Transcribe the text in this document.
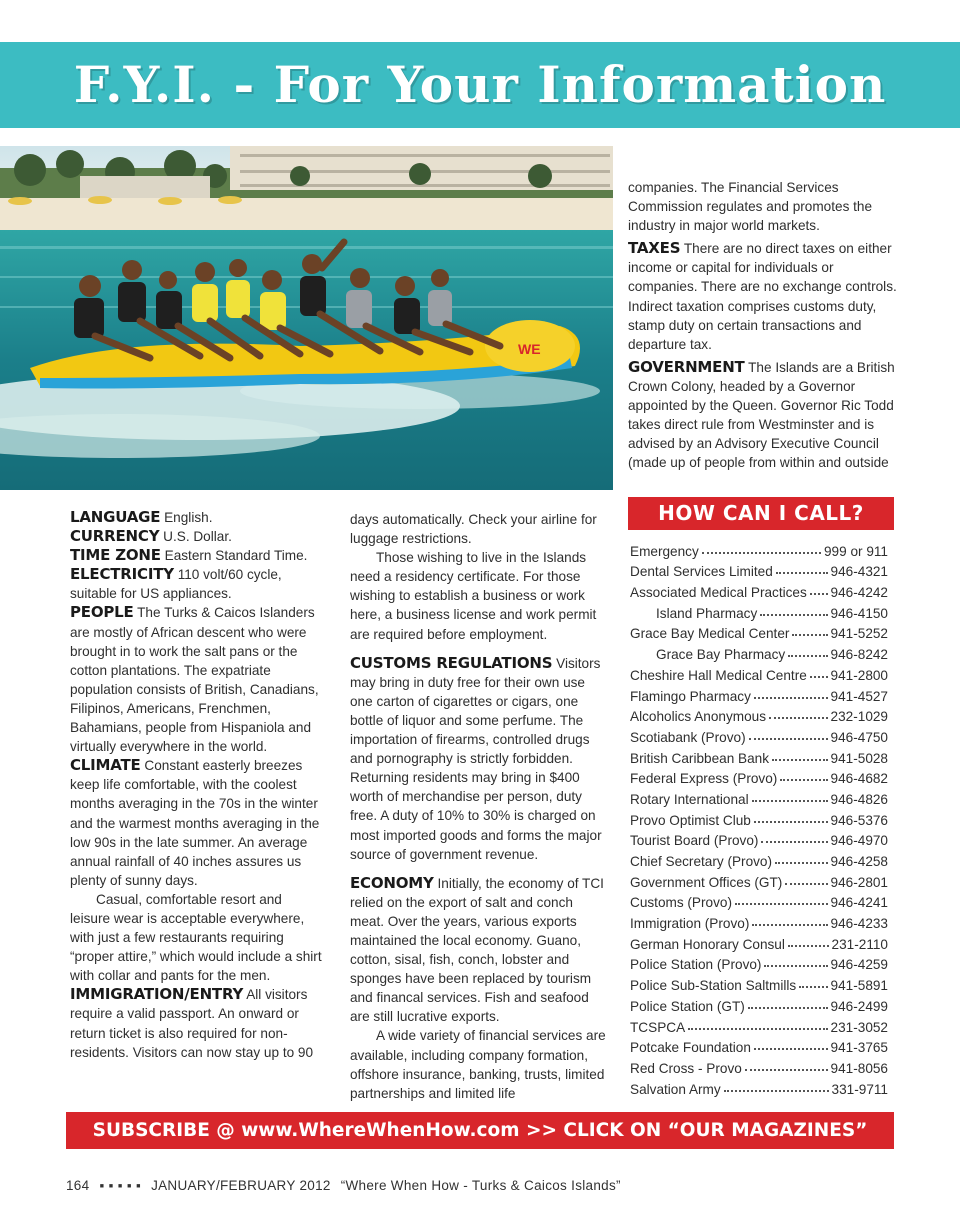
F.Y.I. - For Your Information
WE

LANGUAGE English.

CURRENCY U.S. Dollar.

TIME ZONE Eastern Standard Time.

ELECTRICITY 110 volt/60 cycle, suitable for US appliances.

PEOPLE The Turks & Caicos Islanders are mostly of African descent who were brought in to work the salt pans or the cotton plantations. The expatriate population consists of British, Canadians, Filipinos, Americans, Frenchmen, Bahamians, people from Hispaniola and virtually everywhere in the world.

CLIMATE Constant easterly breezes keep life comfortable, with the coolest months averaging in the 70s in the winter and the warmest months averaging in the low 90s in the late summer. An average annual rainfall of 40 inches assures us plenty of sunny days.

Casual, comfortable resort and leisure wear is acceptable everywhere, with just a few restaurants requiring “proper attire,” which would include a shirt with collar and pants for the men.

IMMIGRATION/ENTRY All visitors require a valid passport. An onward or return ticket is also required for non-residents. Visitors can now stay up to 90

days automatically. Check your airline for luggage restrictions.

Those wishing to live in the Islands need a residency certificate. For those wishing to establish a business or work here, a business license and work permit are required before employment.

CUSTOMS REGULATIONS Visitors may bring in duty free for their own use one carton of cigarettes or cigars, one bottle of liquor and some perfume. The importation of firearms, controlled drugs and pornography is strictly forbidden. Returning residents may bring in $400 worth of merchandise per person, duty free. A duty of 10% to 30% is charged on most imported goods and forms the major source of government revenue.

ECONOMY Initially, the economy of TCI relied on the export of salt and conch meat. Over the years, various exports maintained the local economy. Guano, cotton, sisal, fish, conch, lobster and sponges have been replaced by tourism and financal services. Fish and seafood are still lucrative exports.

A wide variety of financial services are available, including company formation, offshore insurance, banking, trusts, limited partnerships and limited life

companies. The Financial Services Commission regulates and promotes the industry in major world markets.

TAXES There are no direct taxes on either income or capital for individuals or companies. There are no exchange controls. Indirect taxation comprises customs duty, stamp duty on certain transactions and departure tax.

GOVERNMENT The Islands are a British Crown Colony, headed by a Governor appointed by the Queen. Governor Ric Todd takes direct rule from Westminster and is advised by an Advisory Executive Council (made up of people from within and outside

HOW CAN I CALL?
Emergency	999 or 911
Dental Services Limited	946-4321
Associated Medical Practices 946-4242
Island Pharmacy	946-4150
Grace Bay Medical Center	941-5252
Grace Bay Pharmacy	946-8242
Cheshire Hall Medical Centre 941-2800
Flamingo Pharmacy	941-4527
Alcoholics Anonymous	232-1029
Scotiabank (Provo)	946-4750
British Caribbean Bank	941-5028
Federal Express (Provo)	946-4682
Rotary International	946-4826
Provo Optimist Club	946-5376
Tourist Board (Provo)	946-4970
Chief Secretary (Provo)	946-4258
Government Offices (GT)	946-2801
Customs (Provo)	946-4241
Immigration (Provo)	946-4233
German Honorary Consul	231-2110
Police Station (Provo)	946-4259
Police Sub-Station Saltmills	941-5891
Police Station (GT)	946-2499
TCSPCA	231-3052
Potcake Foundation	941-3765
Red Cross - Provo	941-8056
Salvation Army	331-9711
SUBSCRIBE @ www.WhereWhenHow.com >> CLICK ON “OUR MAGAZINES”
164 ▪ ▪ ▪ ▪ ▪ JANUARY/FEBRUARY 2012 “Where When How - Turks & Caicos Islands”
